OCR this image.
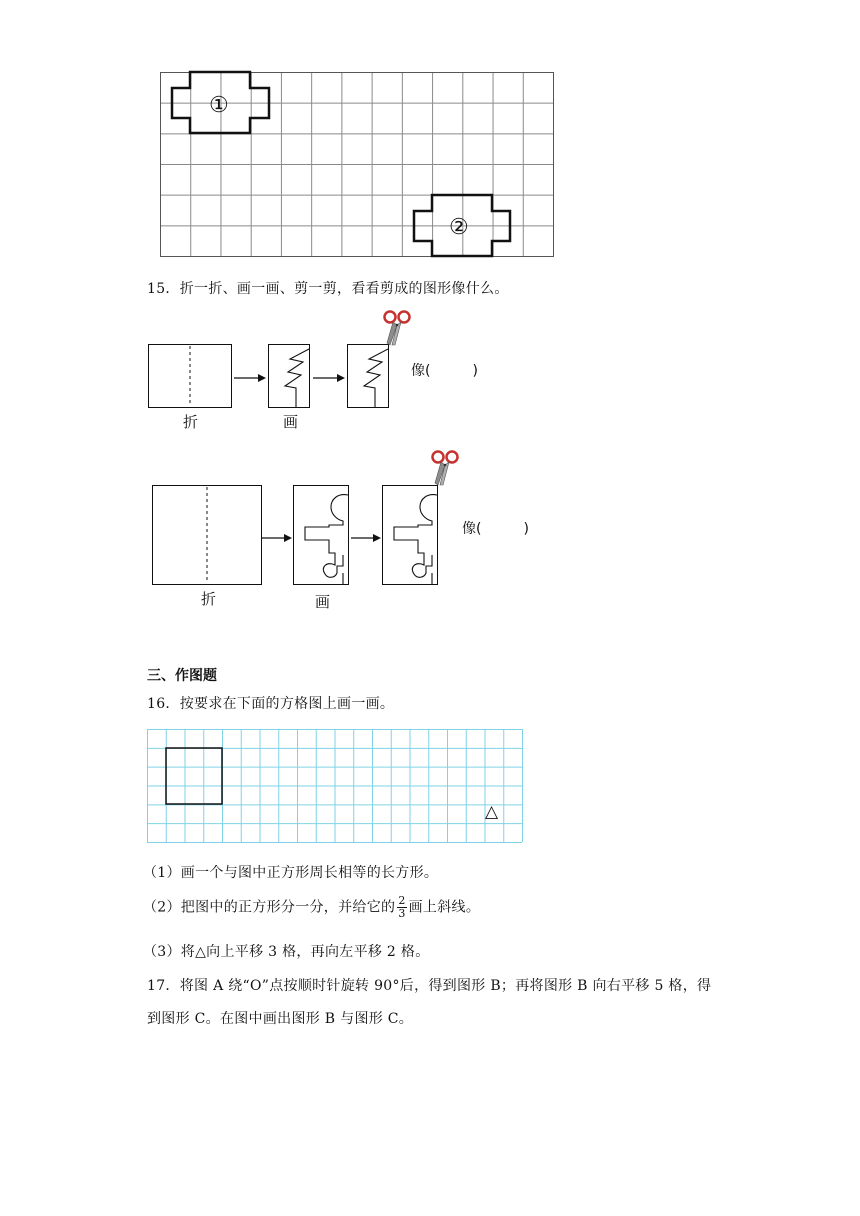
①
②
15．折一折、画一画、剪一剪，看看剪成的图形像什么。
折	画
像(　　　)
折	画
像(　　　)
三、作图题
16．按要求在下面的方格图上画一画。
△
（1）画一个与图中正方形周长相等的长方形。
（2）把图中的正方形分一分，并给它的 $\frac{2}{3}$ 画上斜线。
（3）将△向上平移 3 格，再向左平移 2 格。
17．将图 A 绕“O”点按顺时针旋转 90°后，得到图形 B；再将图形 B 向右平移 5 格，得
到图形 C。在图中画出图形 B 与图形 C。
